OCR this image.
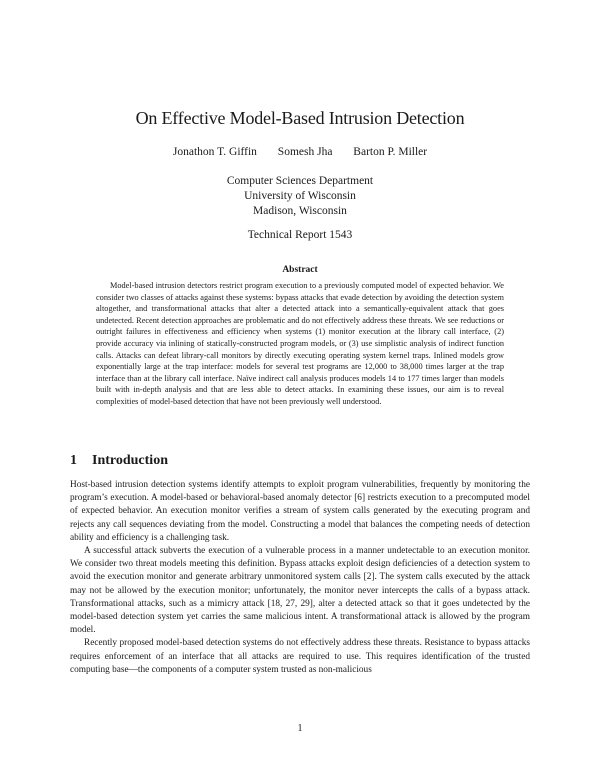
On Effective Model-Based Intrusion Detection
Jonathon T. Giffin Somesh Jha Barton P. Miller
Computer Sciences Department
University of Wisconsin
Madison, Wisconsin
Technical Report 1543
Abstract

Model-based intrusion detectors restrict program execution to a previously computed model of expected behavior. We consider two classes of attacks against these systems: bypass attacks that evade detection by avoiding the detection system altogether, and transformational attacks that alter a detected attack into a semantically-equivalent attack that goes undetected. Recent detection approaches are problematic and do not effectively address these threats. We see reductions or outright failures in effectiveness and efficiency when systems (1) monitor execution at the library call interface, (2) provide accuracy via inlining of statically-constructed program models, or (3) use simplistic analysis of indirect function calls. Attacks can defeat library-call monitors by directly executing operating system kernel traps. Inlined models grow exponentially large at the trap interface: models for several test programs are 12,000 to 38,000 times larger at the trap interface than at the library call interface. Naïve indirect call analysis produces models 14 to 177 times larger than models built with in-depth analysis and that are less able to detect attacks. In examining these issues, our aim is to reveal complexities of model-based detection that have not been previously well understood.

1 Introduction

Host-based intrusion detection systems identify attempts to exploit program vulnerabilities, frequently by monitoring the program’s execution. A model-based or behavioral-based anomaly detector [6] restricts execution to a precomputed model of expected behavior. An execution monitor verifies a stream of system calls generated by the executing program and rejects any call sequences deviating from the model. Constructing a model that balances the competing needs of detection ability and efficiency is a challenging task.

A successful attack subverts the execution of a vulnerable process in a manner undetectable to an execution monitor. We consider two threat models meeting this definition. Bypass attacks exploit design deficiencies of a detection system to avoid the execution monitor and generate arbitrary unmonitored system calls [2]. The system calls executed by the attack may not be allowed by the execution monitor; unfortunately, the monitor never intercepts the calls of a bypass attack. Transformational attacks, such as a mimicry attack [18, 27, 29], alter a detected attack so that it goes undetected by the model-based detection system yet carries the same malicious intent. A transformational attack is allowed by the program model.

Recently proposed model-based detection systems do not effectively address these threats. Resistance to bypass attacks requires enforcement of an interface that all attacks are required to use. This requires identification of the trusted computing base—the components of a computer system trusted as non-malicious

1
